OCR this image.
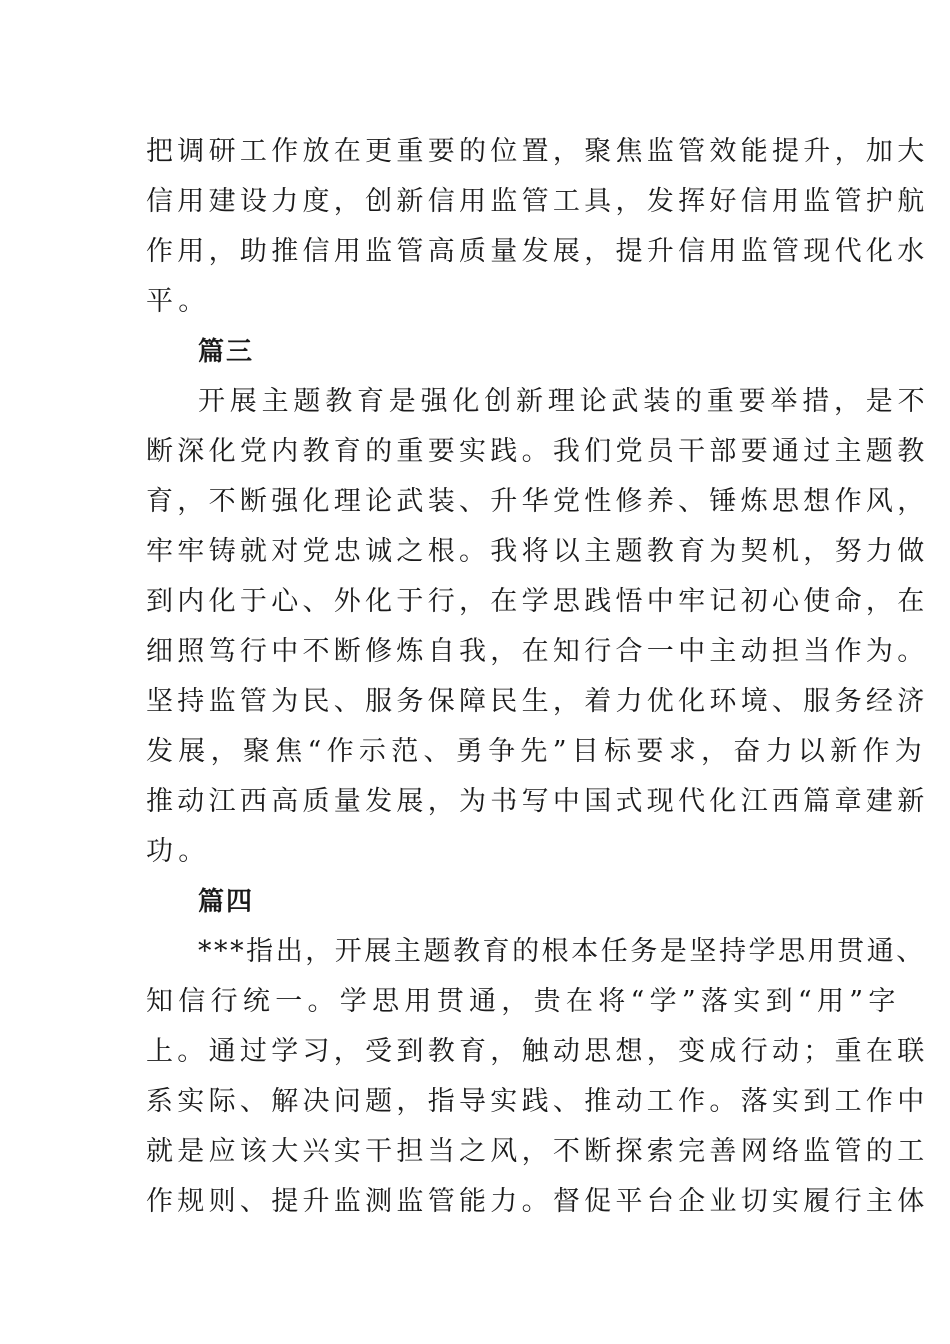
把调研工作放在更重要的位置，聚焦监管效能提升，加大
信用建设力度，创新信用监管工具，发挥好信用监管护航
作用，助推信用监管高质量发展，提升信用监管现代化水
平。
篇三
开展主题教育是强化创新理论武装的重要举措，是不
断深化党内教育的重要实践。我们党员干部要通过主题教
育，不断强化理论武装、升华党性修养、锤炼思想作风，
牢牢铸就对党忠诚之根。我将以主题教育为契机，努力做
到内化于心、外化于行，在学思践悟中牢记初心使命，在
细照笃行中不断修炼自我，在知行合一中主动担当作为。
坚持监管为民、服务保障民生，着力优化环境、服务经济
发展，聚焦“作示范、勇争先”目标要求，奋力以新作为
推动江西高质量发展，为书写中国式现代化江西篇章建新
功。
篇四
***指出，开展主题教育的根本任务是坚持学思用贯通、
知信行统一。学思用贯通，贵在将“学”落实到“用”字
上。通过学习，受到教育，触动思想，变成行动；重在联
系实际、解决问题，指导实践、推动工作。落实到工作中
就是应该大兴实干担当之风，不断探索完善网络监管的工
作规则、提升监测监管能力。督促平台企业切实履行主体
